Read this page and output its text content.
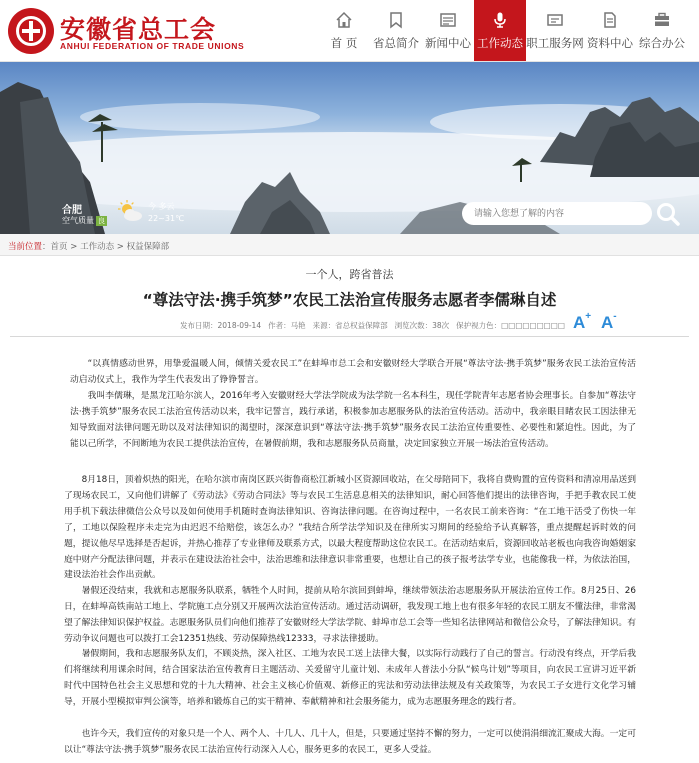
安徽省总工会
ANHUI FEDERATION OF TRADE UNIONS	首 页 省总简介 新闻中心 工作动态 职工服务网 资料中心 综合办公
合肥
空气质量 良
今 多云
22~31℃
请输入您想了解的内容
当前位置：首页 > 工作动态 > 权益保障部
一个人，跨省普法
“尊法守法·携手筑梦”农民工法治宣传服务志愿者李儒琳自述
发布日期：2018-09-14 作者：马艳 来源：省总权益保障部 浏览次数：38次 保护视力色：□□□□□□□□□ A+ A-

“以真情感动世界，用挚爱温暖人间，倾情关爱农民工”在蚌埠市总工会和安徽财经大学联合开展“尊法守法·携手筑梦”服务农民工法治宣传活动启动仪式上，我作为学生代表发出了铮铮誓言。

我叫李儒琳，是黑龙江哈尔滨人，2016年考入安徽财经大学法学院成为法学院一名本科生，现任学院青年志愿者协会理事长。自参加“尊法守法·携手筑梦”服务农民工法治宣传活动以来，我牢记誓言，践行承诺，积极参加志愿服务队的法治宣传活动。活动中，我亲眼目睹农民工因法律无知导致面对法律问题无助以及对法律知识的渴望时，深深意识到“尊法守法·携手筑梦”服务农民工法治宣传重要性、必要性和紧迫性。因此，为了能以己所学，不间断地为农民工提供法治宣传，在暑假前期，我和志愿服务队员商量，决定回家独立开展一场法治宣传活动。

8月18日，顶着炽热的阳光，在哈尔滨市南岗区跃兴街鲁商松江新城小区资源回收站，在父母陪同下，我将自费购置的宣传资料和清凉用品送到了现场农民工，又向他们讲解了《劳动法》《劳动合同法》等与农民工生活息息相关的法律知识，耐心回答他们提出的法律咨询，手把手教农民工使用手机下载法律微信公众号以及如何使用手机随时查询法律知识、咨询法律问题。在咨询过程中，一名农民工前来咨询：“在工地干活受了伤快一年了，工地以保险程序未走完为由迟迟不给赔偿，该怎么办？”我结合所学法学知识及在律所实习期间的经验给予认真解答，重点提醒起诉时效的问题，提议他尽早选择是否起诉，并热心推荐了专业律师及联系方式，以最大程度帮助这位农民工。在活动结束后，资源回收站老板也向我咨询婚姻家庭中财产分配法律问题，并表示在建设法治社会中，法治思维和法律意识非常重要，也想让自己的孩子报考法学专业，也能像我一样，为依法治国，建设法治社会作出贡献。

暑假还没结束，我就和志愿服务队联系，牺牲个人时间，提前从哈尔滨回到蚌埠，继续带领法治志愿服务队开展法治宣传工作。8月25日、26日，在蚌埠高铁南站工地上、学院施工点分别又开展两次法治宣传活动。通过活动调研，我发现工地上也有很多年轻的农民工朋友不懂法律，非常渴望了解法律知识保护权益。志愿服务队员们向他们推荐了安徽财经大学法学院、蚌埠市总工会等一些知名法律网站和微信公众号，了解法律知识。有劳动争议问题也可以拨打工会12351热线、劳动保障热线12333，寻求法律援助。

暑假期间，我和志愿服务队友们，不顾炎热，深入社区、工地为农民工送上法律大餐，以实际行动践行了自己的誓言。行动没有终点，开学后我们将继续利用课余时间，结合国家法治宣传教育日主题活动、关爱留守儿童计划、未成年人普法小分队“候鸟计划”等项目，向农民工宣讲习近平新时代中国特色社会主义思想和党的十九大精神、社会主义核心价值观、新修正的宪法和劳动法律法规及有关政策等，为农民工子女进行文化学习辅导，开展小型模拟审判公演等，培养和锻炼自己的实干精神、奉献精神和社会服务能力，成为志愿服务理念的践行者。

也许今天，我们宣传的对象只是一个人、两个人、十几人、几十人，但是，只要通过坚持不懈的努力，一定可以使涓涓细流汇聚成大海。一定可以让“尊法守法·携手筑梦”服务农民工法治宣传行动深入人心，服务更多的农民工，更多人受益。
